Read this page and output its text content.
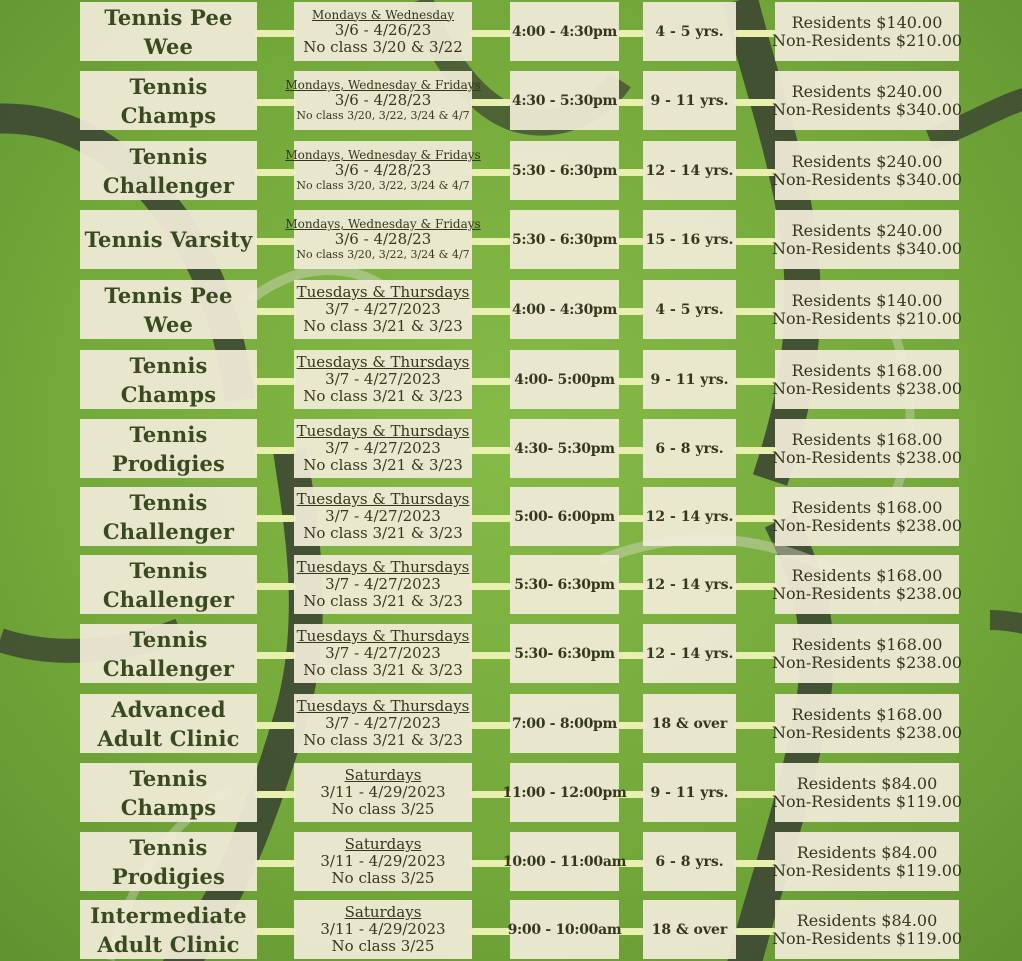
Tennis Pee Wee
Mondays & Wednesday
3/6 - 4/26/23
No class 3/20 & 3/22
4:00 - 4:30pm	4 - 5 yrs.	Residents $140.00
Non-Residents $210.00
Tennis Champs
Mondays, Wednesday & Fridays
3/6 - 4/28/23
No class 3/20, 3/22, 3/24 & 4/7
4:30 - 5:30pm 9 - 11 yrs.	Residents $240.00
Non-Residents $340.00
Tennis
Challenger
Mondays, Wednesday & Fridays
3/6 - 4/28/23
No class 3/20, 3/22, 3/24 & 4/7
5:30 - 6:30pm 12 - 14 yrs.	Residents $240.00
Non-Residents $340.00
Tennis Varsity
Mondays, Wednesday & Fridays
3/6 - 4/28/23
No class 3/20, 3/22, 3/24 & 4/7
5:30 - 6:30pm 15 - 16 yrs.	Residents $240.00
Non-Residents $340.00
Tennis Pee Wee
Tuesdays & Thursdays
3/7 - 4/27/2023
No class 3/21 & 3/23
4:00 - 4:30pm	4 - 5 yrs.	Residents $140.00
Non-Residents $210.00
Tennis Champs
Tuesdays & Thursdays
3/7 - 4/27/2023
No class 3/21 & 3/23
4:00- 5:00pm	9 - 11 yrs.	Residents $168.00
Non-Residents $238.00
Tennis Prodigies
Tuesdays & Thursdays
3/7 - 4/27/2023
No class 3/21 & 3/23
4:30- 5:30pm	6 - 8 yrs.	Residents $168.00
Non-Residents $238.00
Tennis
Challenger
Tuesdays & Thursdays
3/7 - 4/27/2023
No class 3/21 & 3/23
5:00- 6:00pm 12 - 14 yrs.	Residents $168.00
Non-Residents $238.00
Tennis
Challenger
Tuesdays & Thursdays
3/7 - 4/27/2023
No class 3/21 & 3/23
5:30- 6:30pm 12 - 14 yrs.	Residents $168.00
Non-Residents $238.00
Tennis
Challenger
Tuesdays & Thursdays
3/7 - 4/27/2023
No class 3/21 & 3/23
5:30- 6:30pm 12 - 14 yrs.	Residents $168.00
Non-Residents $238.00
Advanced
Adult Clinic
Tuesdays & Thursdays
3/7 - 4/27/2023
No class 3/21 & 3/23
7:00 - 8:00pm 18 & over	Residents $168.00
Non-Residents $238.00
Tennis Champs
Saturdays
3/11 - 4/29/2023
No class 3/25
11:00 - 12:00pm 9 - 11 yrs.	Residents $84.00
Non-Residents $119.00
Tennis Prodigies
Saturdays
3/11 - 4/29/2023
No class 3/25
10:00 - 11:00am 6 - 8 yrs.	Residents $84.00
Non-Residents $119.00
Intermediate
Adult Clinic
Saturdays
3/11 - 4/29/2023
No class 3/25
9:00 - 10:00am 18 & over	Residents $84.00
Non-Residents $119.00
